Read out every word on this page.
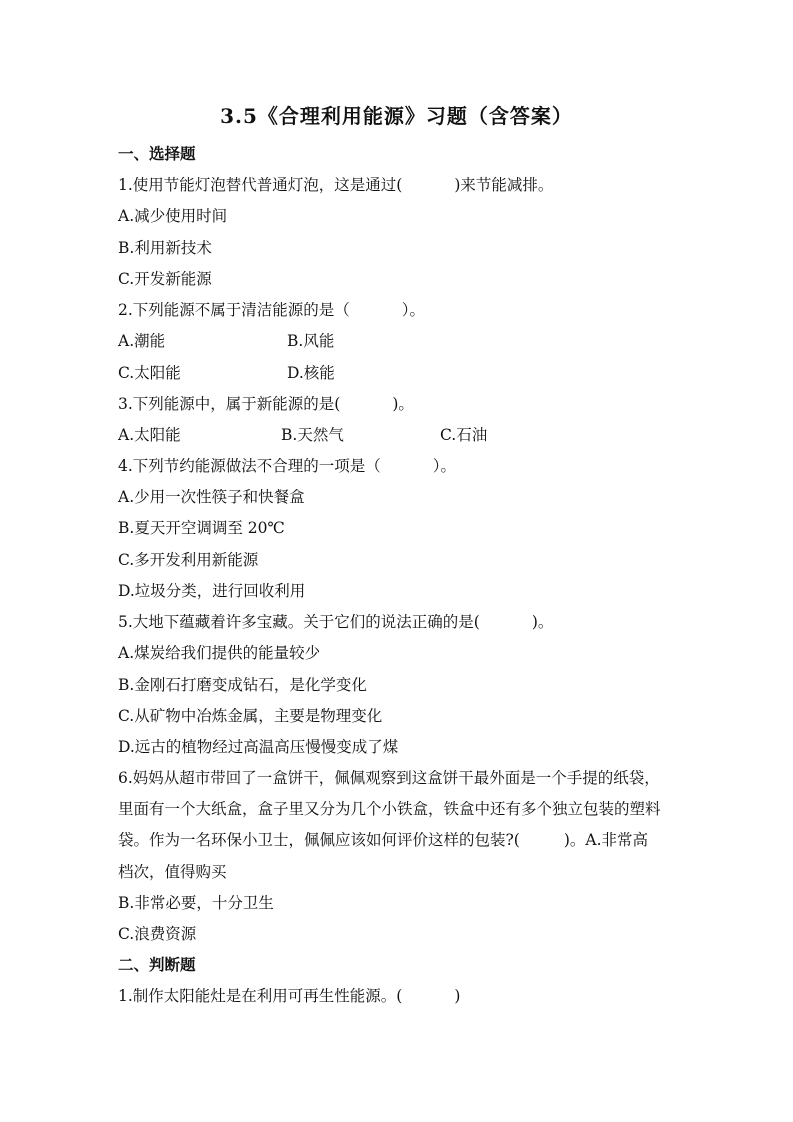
3.5《合理利用能源》习题（含答案）
一、选择题
1.使用节能灯泡替代普通灯泡，这是通过(	)来节能减排。
A.减少使用时间
B.利用新技术
C.开发新能源
2.下列能源不属于清洁能源的是（	）。
A.潮能	B.风能
C.太阳能	D.核能
3.下列能源中，属于新能源的是(	)。
A.太阳能	B.天然气	C.石油
4.下列节约能源做法不合理的一项是（	）。
A.少用一次性筷子和快餐盒
B.夏天开空调调至 20℃
C.多开发利用新能源
D.垃圾分类，进行回收利用
5.大地下蕴藏着许多宝藏。关于它们的说法正确的是(	)。
A.煤炭给我们提供的能量较少
B.金刚石打磨变成钻石，是化学变化
C.从矿物中冶炼金属，主要是物理变化
D.远古的植物经过高温高压慢慢变成了煤
6.妈妈从超市带回了一盒饼干，佩佩观察到这盒饼干最外面是一个手提的纸袋，
里面有一个大纸盒，盒子里又分为几个小铁盒，铁盒中还有多个独立包装的塑料
袋。作为一名环保小卫士，佩佩应该如何评价这样的包装?(	)。A.非常高
档次，值得购买
B.非常必要，十分卫生
C.浪费资源
二、判断题
1.制作太阳能灶是在利用可再生性能源。(	)
